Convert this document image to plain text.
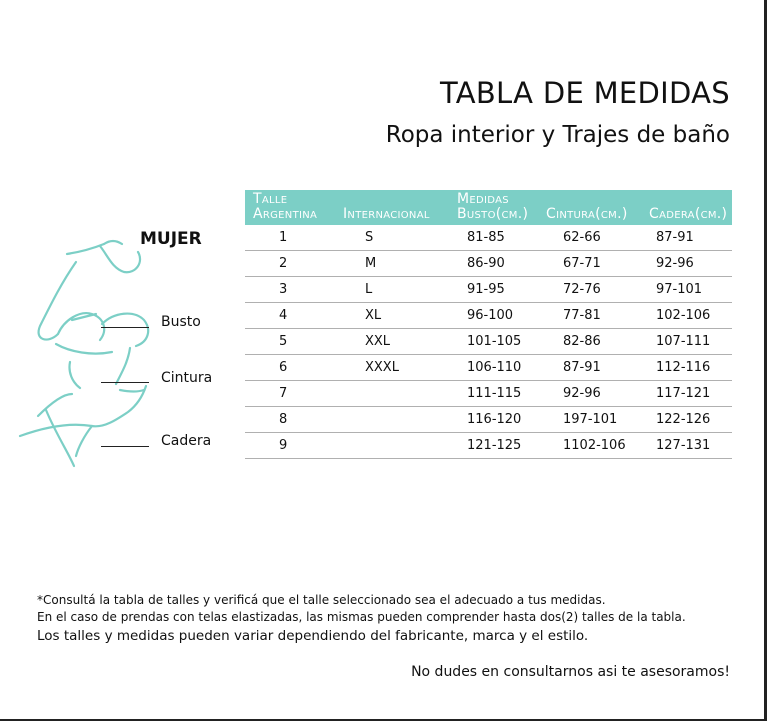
TABLA DE MEDIDAS
Ropa interior y Trajes de baño
MUJER
Busto
Cintura
Cadera
Talle
Argentina	Internacional	Medidas
Busto(cm.)	Cintura(cm.)	Cadera(cm.)
1	S	81-85	62-66	87-91
2	M	86-90	67-71	92-96
3	L	91-95	72-76	97-101
4	XL	96-100	77-81	102-106
5	XXL	101-105	82-86	107-111
6	XXXL	106-110	87-91	112-116
7		111-115	92-96	117-121
8		116-120	197-101	122-126
9		121-125	1102-106	127-131
*Consultá la tabla de talles y verificá que el talle seleccionado sea el adecuado a tus medidas.
En el caso de prendas con telas elastizadas, las mismas pueden comprender hasta dos(2) talles de la tabla.
Los talles y medidas pueden variar dependiendo del fabricante, marca y el estilo.
No dudes en consultarnos asi te asesoramos!
